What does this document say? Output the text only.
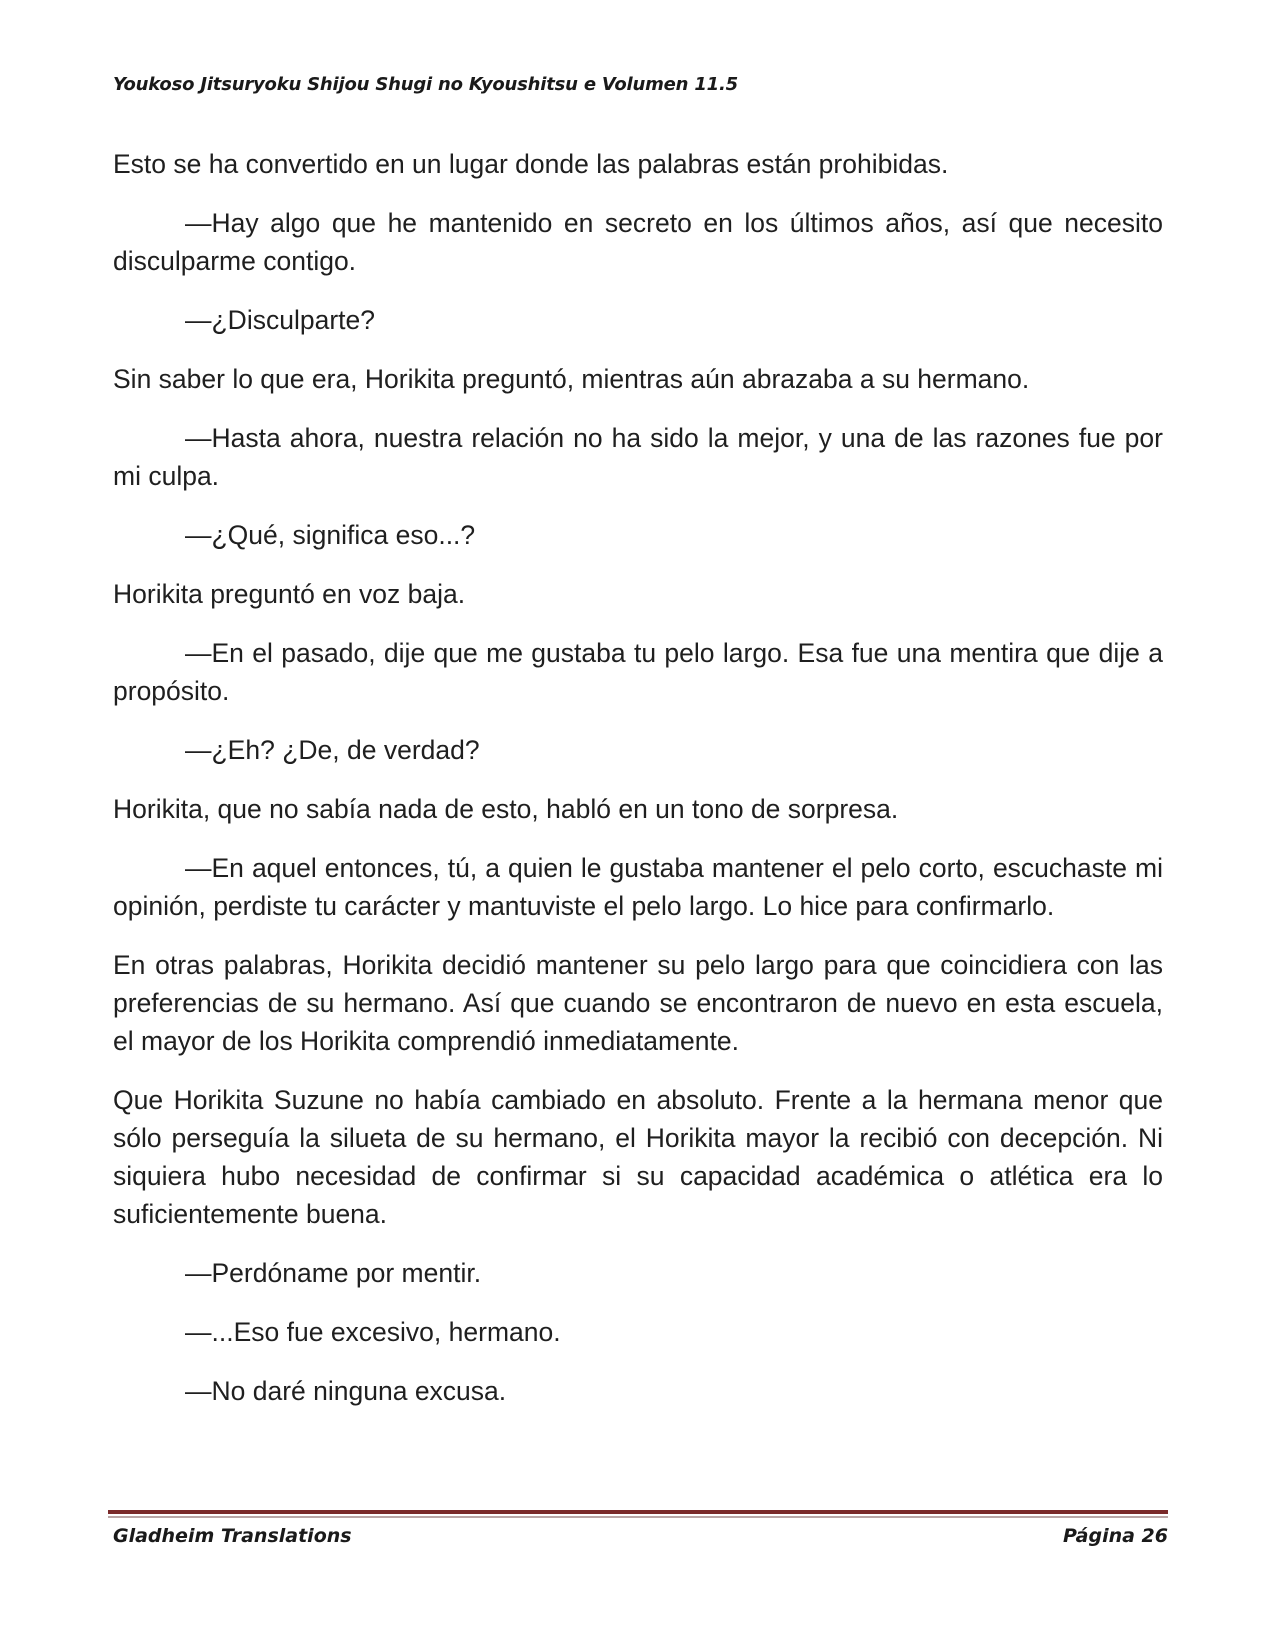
Youkoso Jitsuryoku Shijou Shugi no Kyoushitsu e Volumen 11.5

Esto se ha convertido en un lugar donde las palabras están prohibidas.

—Hay algo que he mantenido en secreto en los últimos años, así que necesito disculparme contigo.

—¿Disculparte?

Sin saber lo que era, Horikita preguntó, mientras aún abrazaba a su hermano.

—Hasta ahora, nuestra relación no ha sido la mejor, y una de las razones fue por mi culpa.

—¿Qué, significa eso...?

Horikita preguntó en voz baja.

—En el pasado, dije que me gustaba tu pelo largo. Esa fue una mentira que dije a propósito.

—¿Eh? ¿De, de verdad?

Horikita, que no sabía nada de esto, habló en un tono de sorpresa.

—En aquel entonces, tú, a quien le gustaba mantener el pelo corto, escuchaste mi opinión, perdiste tu carácter y mantuviste el pelo largo. Lo hice para confirmarlo.

En otras palabras, Horikita decidió mantener su pelo largo para que coincidiera con las preferencias de su hermano. Así que cuando se encontraron de nuevo en esta escuela, el mayor de los Horikita comprendió inmediatamente.

Que Horikita Suzune no había cambiado en absoluto. Frente a la hermana menor que sólo perseguía la silueta de su hermano, el Horikita mayor la recibió con decepción. Ni siquiera hubo necesidad de confirmar si su capacidad académica o atlética era lo suficientemente buena.

—Perdóname por mentir.

—...Eso fue excesivo, hermano.

—No daré ninguna excusa.

Gladheim Translations	Página 26
